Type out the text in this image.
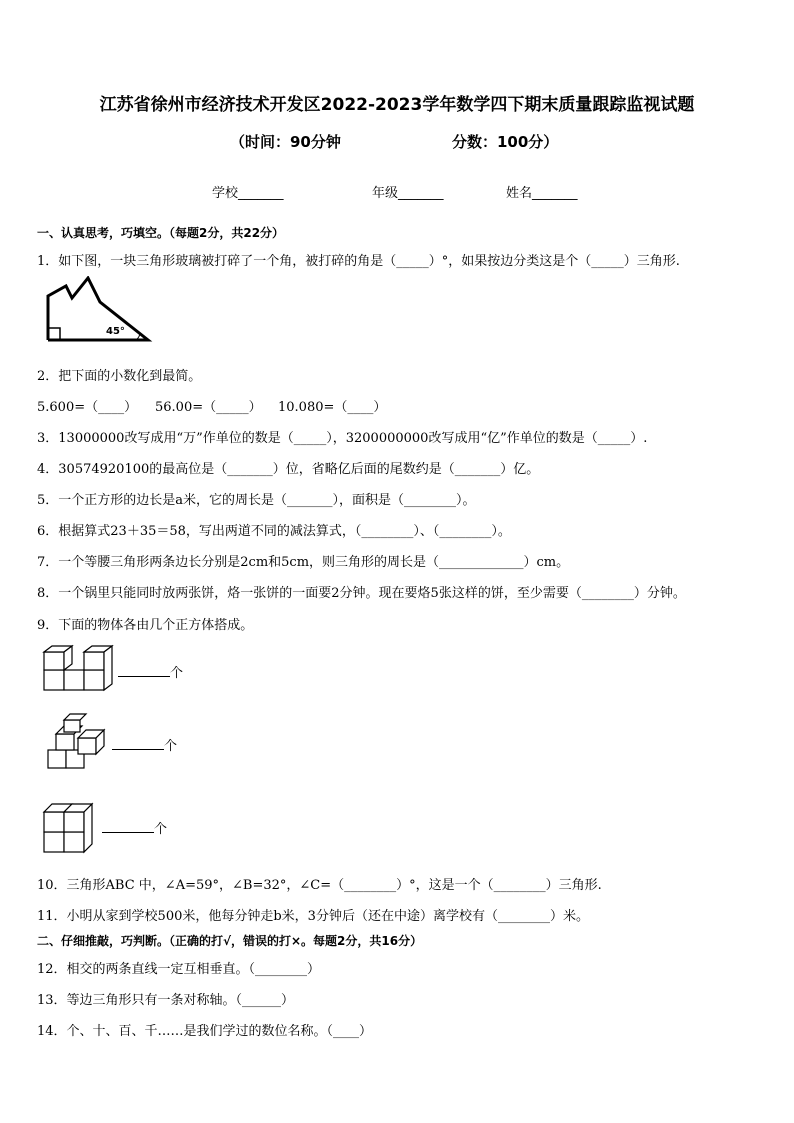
江苏省徐州市经济技术开发区2022-2023学年数学四下期末质量跟踪监视试题
（时间：90分钟	分数：100分）
学校_______	年级_______	姓名_______
一、认真思考，巧填空。（每题2分，共22分）
1．如下图，一块三角形玻璃被打碎了一个角，被打碎的角是（_____）°，如果按边分类这是个（_____）三角形.
45°
2．把下面的小数化到最简。
5.600=（____） 56.00=（_____） 10.080=（____）
3．13000000改写成用“万”作单位的数是（_____），3200000000改写成用“亿”作单位的数是（_____）.
4．30574920100的最高位是（_______）位，省略亿后面的尾数约是（_______）亿。
5．一个正方形的边长是a米，它的周长是（_______），面积是（________）。
6．根据算式23＋35＝58，写出两道不同的减法算式，（________）、（________）。
7．一个等腰三角形两条边长分别是2cm和5cm，则三角形的周长是（_____________）cm。
8．一个锅里只能同时放两张饼，烙一张饼的一面要2分钟。现在要烙5张这样的饼，至少需要（________）分钟。
9．下面的物体各由几个正方体搭成。
个
个
个
10．三角形ABC 中，∠A=59°，∠B=32°，∠C=（________）°，这是一个（________）三角形.
11．小明从家到学校500米，他每分钟走b米，3分钟后（还在中途）离学校有（________）米。
二、仔细推敲，巧判断。（正确的打√，错误的打×。每题2分，共16分）
12．相交的两条直线一定互相垂直。（________）
13．等边三角形只有一条对称轴。（______）
14．个、十、百、千……是我们学过的数位名称。（____）
